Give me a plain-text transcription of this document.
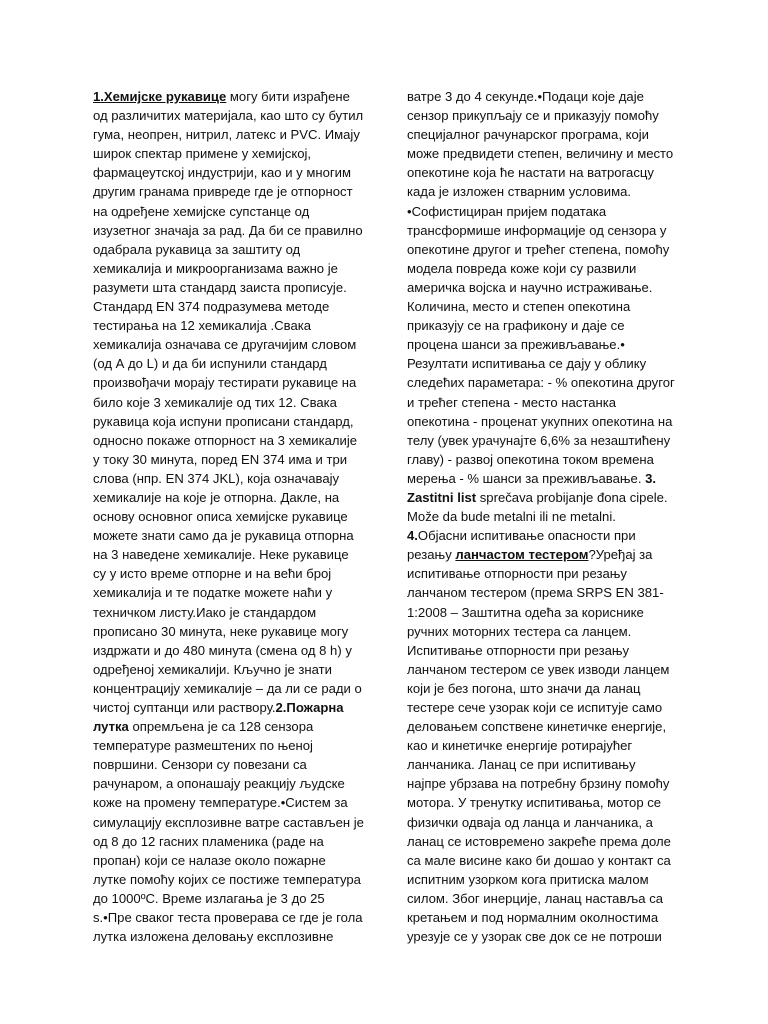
1.Хемијске рукавице могу бити израђене
од различитих материјала, као што су бутил
гума, неопрен, нитрил, латекс и PVC. Имају
широк спектар примене у хемијској,
фармацеутској индустрији, као и у многим
другим гранама привреде где је отпорност
на одређене хемијске супстанце од
изузетног значаја за рад. Да би се правилно
одабрала рукавица за заштиту од
хемикалија и микроорганизама важно је
разумети шта стандард заиста прописује.
Стандард EN 374 подразумева методе
тестирања на 12 хемикалија .Свака
хемикалија означава се другачијим словом
(од А до L) и да би испунили стандард
произвођачи морају тестирати рукавице на
било које 3 хемикалије од тих 12. Свака
рукавица која испуни прописани стандард,
односно покаже отпорност на 3 хемикалије
у току 30 минута, поред EN 374 има и три
слова (нпр. EN 374 JKL), која означавају
хемикалије на које је отпорна. Дакле, на
основу основног описа хемијске рукавице
можете знати само да је рукавица отпорна
на 3 наведене хемикалије. Неке рукавице
су у исто време отпорне и на већи број
хемикалија и те податке можете наћи у
техничком листу.Иако је стандардом
прописано 30 минута, неке рукавице могу
издржати и до 480 минута (смена од 8 h) у
одређеној хемикалији. Кључно је знати
концентрацију хемикалије – да ли се ради о
чистој суптанци или раствору.2.Пожарна
лутка опремљена је са 128 сензора
температуре размештених по њеној
површини. Сензори су повезани са
рачунаром, а опонашају реакцију људске
коже на промену температуре.•Систем за
симулацију експлозивне ватре састављен је
од 8 до 12 гасних пламеника (раде на
пропан) који се налазе около пожарне
лутке помоћу којих се постиже температура
до 1000ºC. Време излагања је 3 до 25
s.•Пре сваког теста проверава се где је гола
лутка изложена деловању експлозивне
ватре 3 до 4 секунде.•Подаци које даје
сензор прикупљају се и приказују помоћу
специјалног рачунарског програма, који
може предвидети степен, величину и место
опекотине која ће настати на ватрогасцу
када је изложен стварним условима.
•Софистициран пријем података
трансформише информације од сензора у
опекотине другог и трећег степена, помоћу
модела повреда коже који су развили
америчка војска и научно истраживање.
Количина, место и степен опекотина
приказују се на графикону и даје се
процена шанси за преживљавање.•
Резултати испитивања се дају у облику
следећих параметара: - % опекотина другог
и трећег степена - место настанка
опекотина - проценат укупних опекотина на
телу (увек урачунајте 6,6% за незаштићену
главу) - развој опекотина током времена
мерења - % шанси за преживљавање. 3.
Zastitni list sprečava probijanje đona cipele.
Može da bude metalni ili ne metalni.
4.Објасни испитивање опасности при
резању ланчастом тестером?Уређај за
испитивање отпорности при резању
ланчаном тестером (према SRPS EN 381-
1:2008 – Заштитна одећа за кориснике
ручних моторних тестера са ланцем.
Испитивање отпорности при резању
ланчаном тестером се увек изводи ланцем
који је без погона, што значи да ланац
тестере сече узорак који се испитује само
деловањем сопствене кинетичке енергије,
као и кинетичке енергије ротирајућег
ланчаника. Ланац се при испитивању
најпре убрзава на потребну брзину помоћу
мотора. У тренутку испитивања, мотор се
физички одваја од ланца и ланчаника, а
ланац се истовремено закреће према доле
са мале висине како би дошао у контакт са
испитним узорком кога притиска малом
силом. Због инерције, ланац наставља са
кретањем и под нормалним околностима
урезује се у узорак све док се не потроши
